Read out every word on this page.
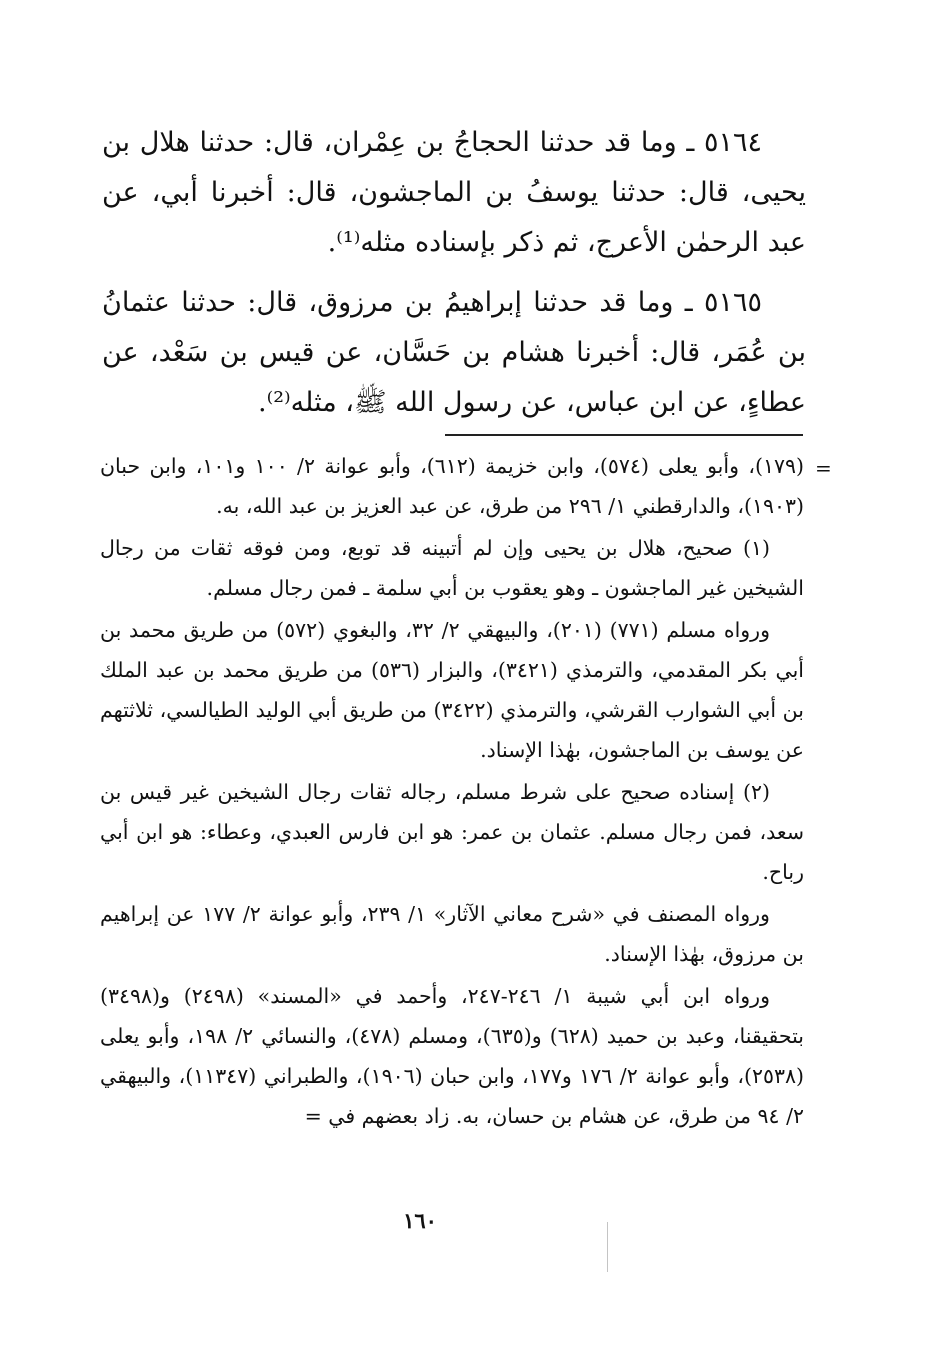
٥١٦٤ ـ وما قد حدثنا الحجاجُ بن عِمْران، قال: حدثنا هلال بن يحيى، قال: حدثنا يوسفُ بن الماجشون، قال: أخبرنا أبي، عن عبد الرحمٰن الأعرج، ثم ذكر بإسناده مثله⁽¹⁾.

٥١٦٥ ـ وما قد حدثنا إبراهيمُ بن مرزوق، قال: حدثنا عثمانُ بن عُمَر، قال: أخبرنا هشام بن حَسَّان، عن قيس بن سَعْد، عن عطاءٍ، عن ابن عباس، عن رسول الله ﷺ، مثله⁽²⁾.

=

(١٧٩)، وأبو يعلى (٥٧٤)، وابن خزيمة (٦١٢)، وأبو عوانة ٢/ ١٠٠ و١٠١، وابن حبان (١٩٠٣)، والدارقطني ١/ ٢٩٦ من طرق، عن عبد العزيز بن عبد الله، به.

(١) صحيح، هلال بن يحيى وإن لم أتبينه قد توبع، ومن فوقه ثقات من رجال الشيخين غير الماجشون ـ وهو يعقوب بن أبي سلمة ـ فمن رجال مسلم.

ورواه مسلم (٧٧١) (٢٠١)، والبيهقي ٢/ ٣٢، والبغوي (٥٧٢) من طريق محمد بن أبي بكر المقدمي، والترمذي (٣٤٢١)، والبزار (٥٣٦) من طريق محمد بن عبد الملك بن أبي الشوارب القرشي، والترمذي (٣٤٢٢) من طريق أبي الوليد الطيالسي، ثلاثتهم عن يوسف بن الماجشون، بهٰذا الإسناد.

(٢) إسناده صحيح على شرط مسلم، رجاله ثقات رجال الشيخين غير قيس بن سعد، فمن رجال مسلم. عثمان بن عمر: هو ابن فارس العبدي، وعطاء: هو ابن أبي رباح.

ورواه المصنف في «شرح معاني الآثار» ١/ ٢٣٩، وأبو عوانة ٢/ ١٧٧ عن إبراهيم بن مرزوق، بهٰذا الإسناد.

ورواه ابن أبي شيبة ١/ ٢٤٦-٢٤٧، وأحمد في «المسند» (٢٤٩٨) و(٣٤٩٨) بتحقيقنا، وعبد بن حميد (٦٢٨) و(٦٣٥)، ومسلم (٤٧٨)، والنسائي ٢/ ١٩٨، وأبو يعلى (٢٥٣٨)، وأبو عوانة ٢/ ١٧٦ و١٧٧، وابن حبان (١٩٠٦)، والطبراني (١١٣٤٧)، والبيهقي ٢/ ٩٤ من طرق، عن هشام بن حسان، به. زاد بعضهم في =

١٦٠
